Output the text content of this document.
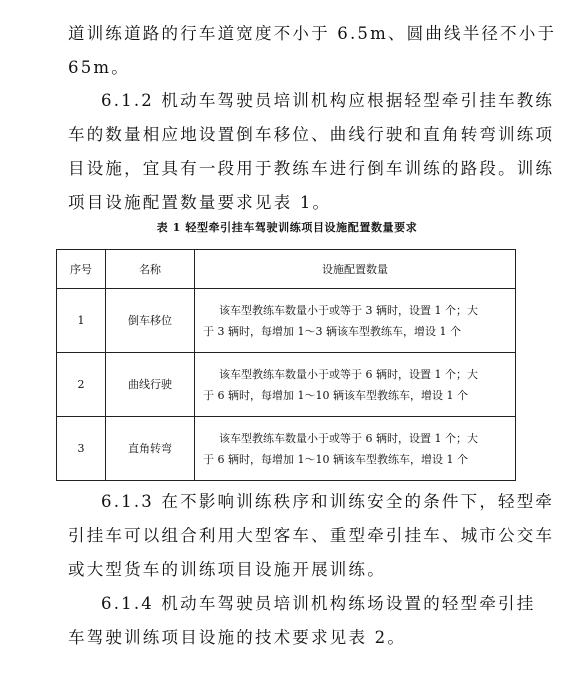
道训练道路的行车道宽度不小于 6.5m、圆曲线半径不小于
65m。

6.1.2 机动车驾驶员培训机构应根据轻型牵引挂车教练
车的数量相应地设置倒车移位、曲线行驶和直角转弯训练项
目设施，宜具有一段用于教练车进行倒车训练的路段。训练
项目设施配置数量要求见表 1。

表 1 轻型牵引挂车驾驶训练项目设施配置数量要求
序号	名称	设施配置数量
1	倒车移位	该车型教练车数量小于或等于 3 辆时，设置 1 个；大
于 3 辆时，每增加 1～3 辆该车型教练车，增设 1 个

2	曲线行驶	该车型教练车数量小于或等于 6 辆时，设置 1 个；大
于 6 辆时，每增加 1～10 辆该车型教练车，增设 1 个

3	直角转弯	该车型教练车数量小于或等于 6 辆时，设置 1 个；大
于 6 辆时，每增加 1～10 辆该车型教练车，增设 1 个

6.1.3 在不影响训练秩序和训练安全的条件下，轻型牵
引挂车可以组合利用大型客车、重型牵引挂车、城市公交车
或大型货车的训练项目设施开展训练。

6.1.4 机动车驾驶员培训机构练场设置的轻型牵引挂
车驾驶训练项目设施的技术要求见表 2。
